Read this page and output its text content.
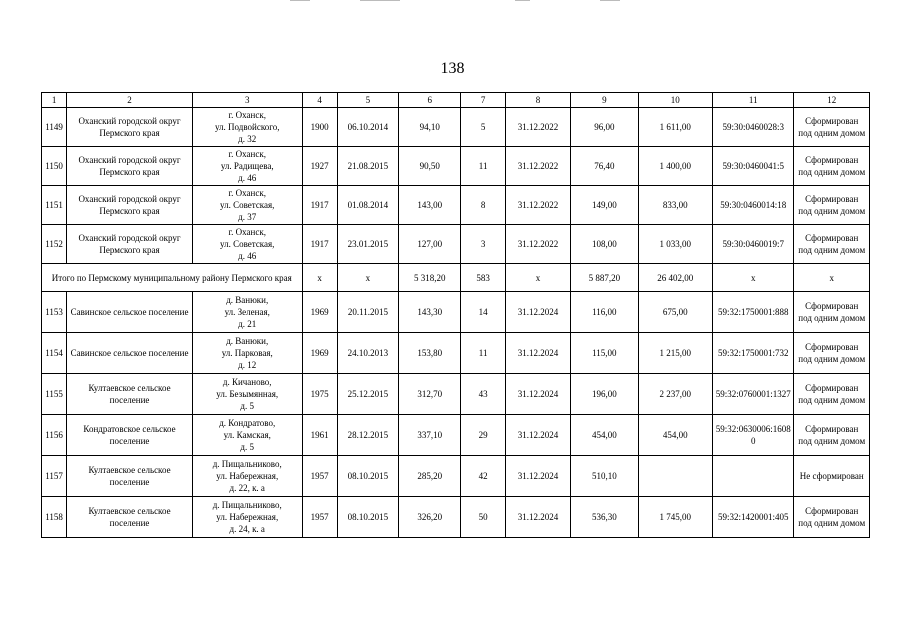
138
1	2	3	4	5	6	7	8	9	10	11	12
1149	Оханский городской округ Пермского края	г. Оханск,
ул. Подвойского,
д. 32	1900	06.10.2014	94,10	5	31.12.2022	96,00	1 611,00	59:30:0460028:3	Сформирован
под одним домом

1150	Оханский городской округ Пермского края	г. Оханск,
ул. Радищева,
д. 46	1927	21.08.2015	90,50	11	31.12.2022	76,40	1 400,00	59:30:0460041:5	Сформирован
под одним домом

1151	Оханский городской округ Пермского края	г. Оханск,
ул. Советская,
д. 37	1917	01.08.2014	143,00	8	31.12.2022	149,00	833,00	59:30:0460014:18	Сформирован
под одним домом

1152	Оханский городской округ Пермского края	г. Оханск,
ул. Советская,
д. 46	1917	23.01.2015	127,00	3	31.12.2022	108,00	1 033,00	59:30:0460019:7	Сформирован
под одним домом

Итого по Пермскому муниципальному району Пермского края			x	x	5 318,20	583	x	5 887,20	26 402,00	x	x
1153	Савинское сельское поселение	д. Ванюки,
ул. Зеленая,
д. 21	1969	20.11.2015	143,30	14	31.12.2024	116,00	675,00	59:32:1750001:888	Сформирован
под одним домом

1154	Савинское сельское поселение	д. Ванюки,
ул. Парковая,
д. 12	1969	24.10.2013	153,80	11	31.12.2024	115,00	1 215,00	59:32:1750001:732	Сформирован
под одним домом

1155	Култаевское сельское поселение	д. Кичаново,
ул. Безымянная,
д. 5	1975	25.12.2015	312,70	43	31.12.2024	196,00	2 237,00	59:32:0760001:1327	Сформирован
под одним домом

1156	Кондратовское сельское поселение	д. Кондратово,
ул. Камская,
д. 5	1961	28.12.2015	337,10	29	31.12.2024	454,00	454,00	59:32:0630006:16080	Сформирован
под одним домом

1157	Култаевское сельское поселение	д. Пищальниково,
ул. Набережная,
д. 22, к. а	1957	08.10.2015	285,20	42	31.12.2024	510,10			Не сформирован

1158	Култаевское сельское поселение	д. Пищальниково,
ул. Набережная,
д. 24, к. а	1957	08.10.2015	326,20	50	31.12.2024	536,30	1 745,00	59:32:1420001:405	Сформирован
под одним домом
